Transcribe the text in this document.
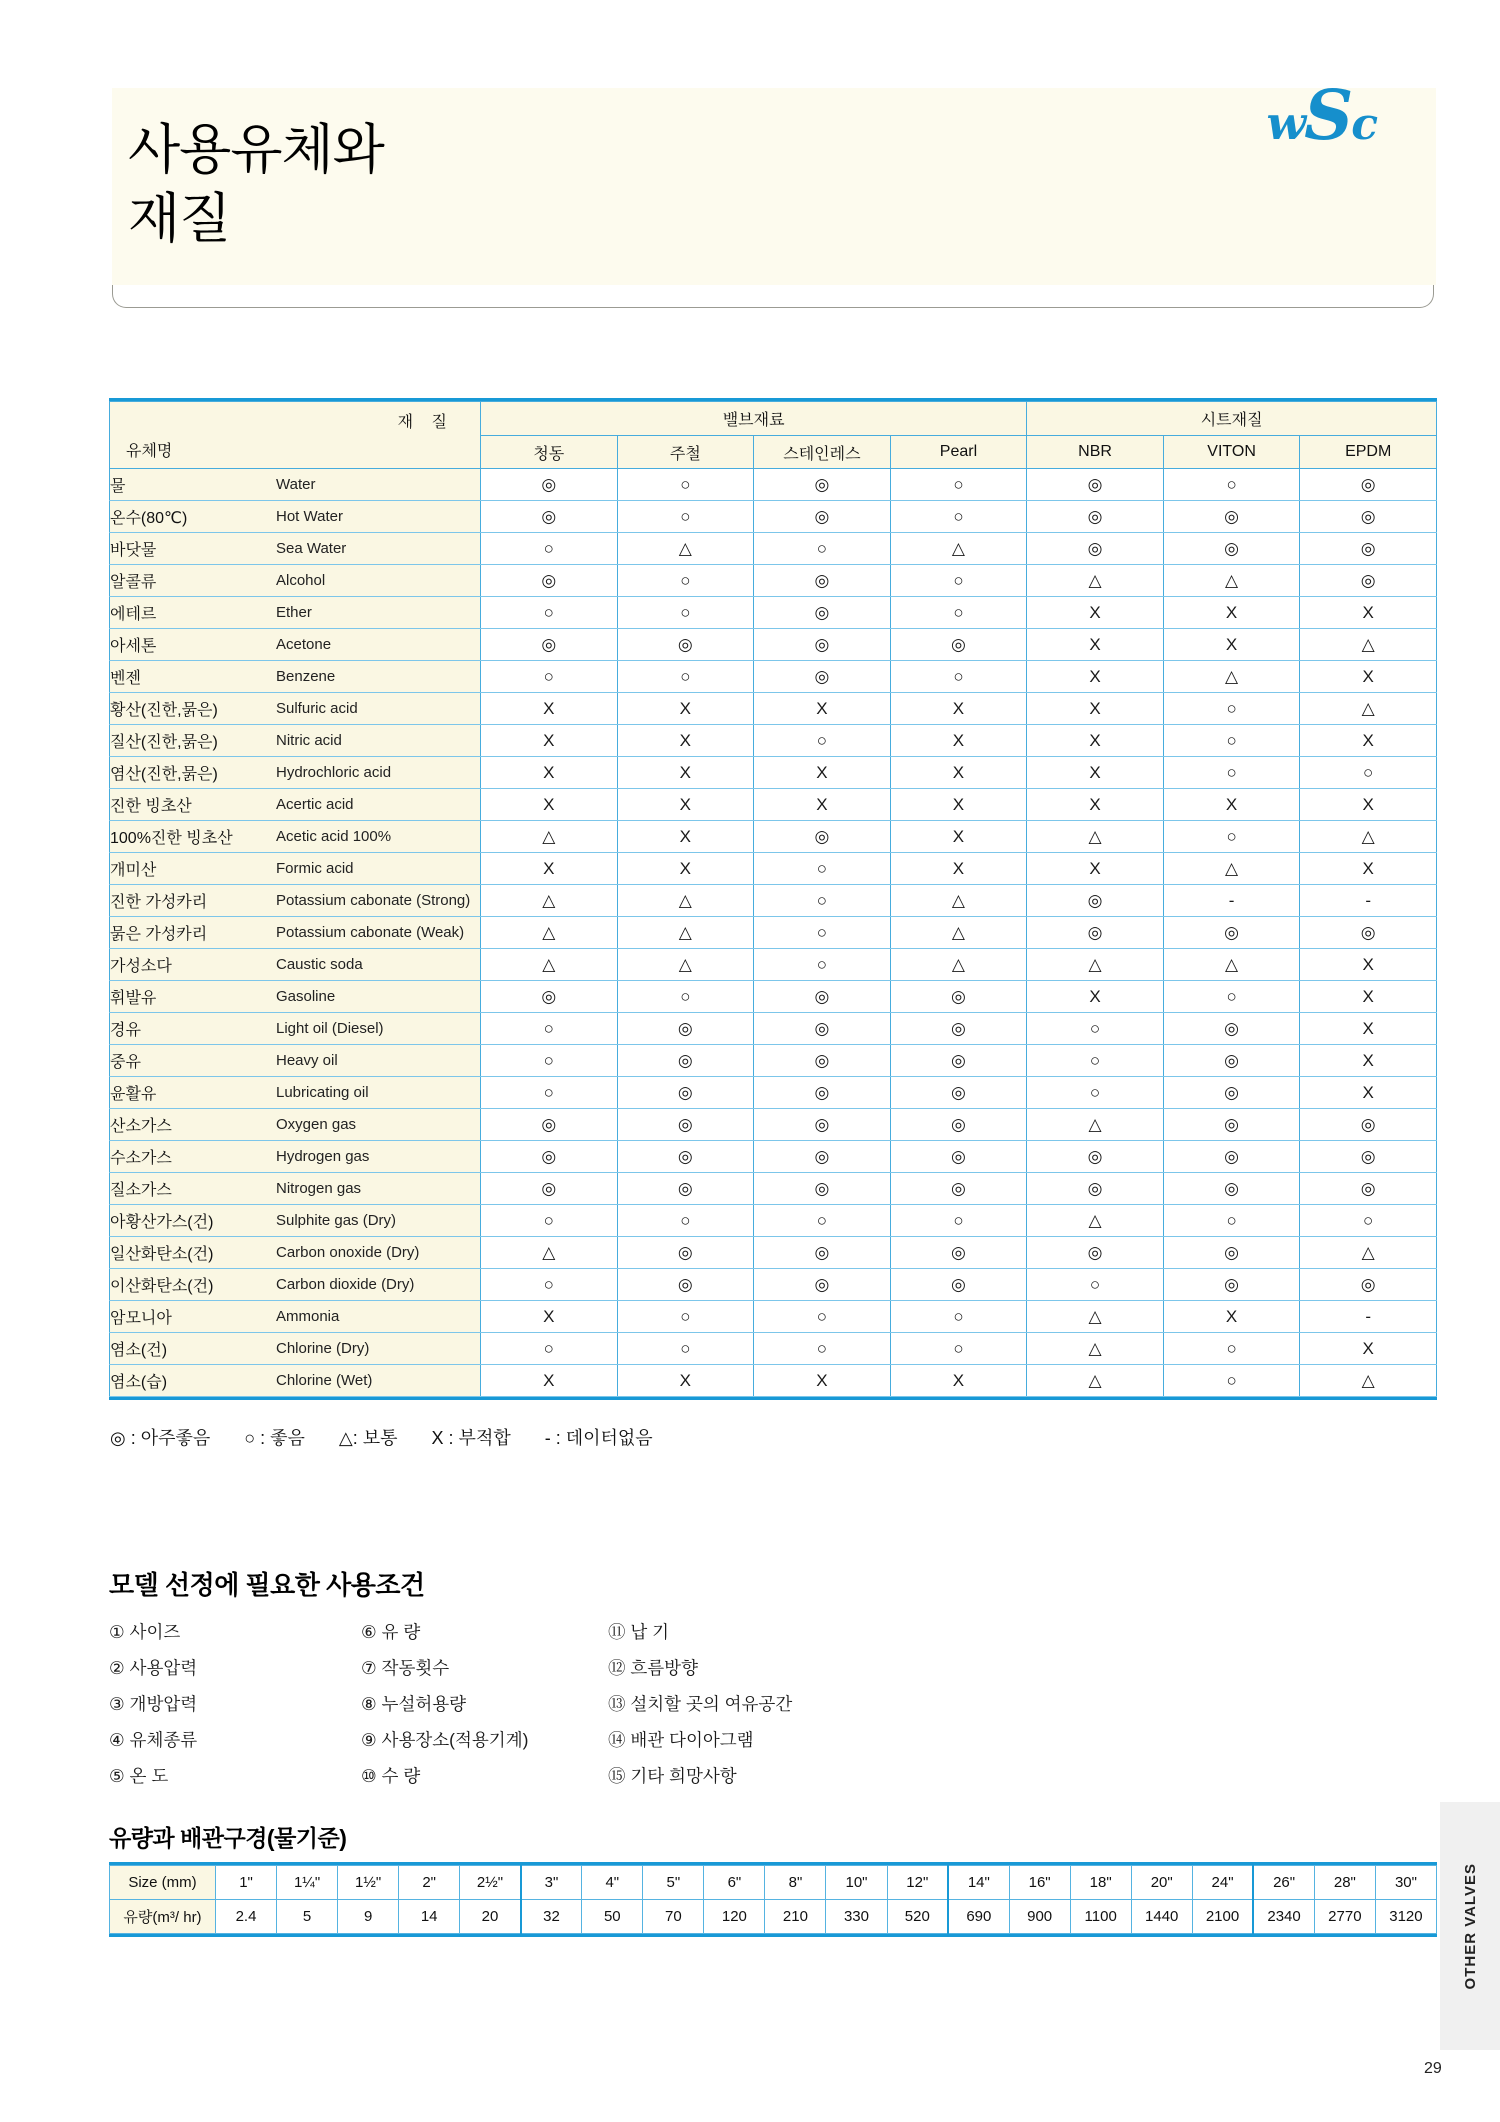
사용유체와
재질
w
S
c
재 질
유체명	밸브재료				시트재질		
	청동	주철	스테인레스	Pearl	NBR	VITON	EPDM
물 Water	◎	○	◎	○	◎	○	◎
온수(80℃) Hot Water	◎	○	◎	○	◎	◎	◎
바닷물 Sea Water	○	△	○	△	◎	◎	◎
알콜류 Alcohol	◎	○	◎	○	△	△	◎
에테르 Ether	○	○	◎	○	X	X	X
아세톤 Acetone	◎	◎	◎	◎	X	X	△
벤젠 Benzene	○	○	◎	○	X	△	X
황산(진한,묽은) Sulfuric acid	X	X	X	X	X	○	△
질산(진한,묽은) Nitric acid	X	X	○	X	X	○	X
염산(진한,묽은) Hydrochloric acid	X	X	X	X	X	○	○
진한 빙초산 Acertic acid	X	X	X	X	X	X	X
100%진한 빙초산 Acetic acid 100%	△	X	◎	X	△	○	△
개미산 Formic acid	X	X	○	X	X	△	X
진한 가성카리 Potassium cabonate (Strong)	△	△	○	△	◎	-	-
묽은 가성카리 Potassium cabonate (Weak)	△	△	○	△	◎	◎	◎
가성소다 Caustic soda	△	△	○	△	△	△	X
휘발유 Gasoline	◎	○	◎	◎	X	○	X
경유 Light oil (Diesel)	○	◎	◎	◎	○	◎	X
중유 Heavy oil	○	◎	◎	◎	○	◎	X
윤활유 Lubricating oil	○	◎	◎	◎	○	◎	X
산소가스 Oxygen gas	◎	◎	◎	◎	△	◎	◎
수소가스 Hydrogen gas	◎	◎	◎	◎	◎	◎	◎
질소가스 Nitrogen gas	◎	◎	◎	◎	◎	◎	◎
아황산가스(건) Sulphite gas (Dry)	○	○	○	○	△	○	○
일산화탄소(건) Carbon onoxide (Dry)	△	◎	◎	◎	◎	◎	△
이산화탄소(건) Carbon dioxide (Dry)	○	◎	◎	◎	○	◎	◎
암모니아 Ammonia	X	○	○	○	△	X	-
염소(건) Chlorine (Dry)	○	○	○	○	△	○	X
염소(습) Chlorine (Wet)	X	X	X	X	△	○	△
◎ : 아주좋음 ○ : 좋음 △: 보통 X : 부적합 - : 데이터없음
모델 선정에 필요한 사용조건
① 사이즈
② 사용압력
③ 개방압력
④ 유체종류
⑤ 온 도
⑥ 유 량
⑦ 작동횟수
⑧ 누설허용량
⑨ 사용장소(적용기계)
⑩ 수 량
⑪ 납 기
⑫ 흐름방향
⑬ 설치할 곳의 여유공간
⑭ 배관 다이아그램
⑮ 기타 희망사항
유량과 배관구경(물기준)
Size (mm)	1"	1¼"	1½"	2"	2½"	3"	4"	5"	6"	8"	10"	12"	14"	16"	18"	20"	24"	26"	28"	30"
유량(m³/ hr)	2.4	5	9	14	20	32	50	70	120	210	330	520	690	900	1100	1440	2100	2340	2770	3120	OTHER VALVES
29
